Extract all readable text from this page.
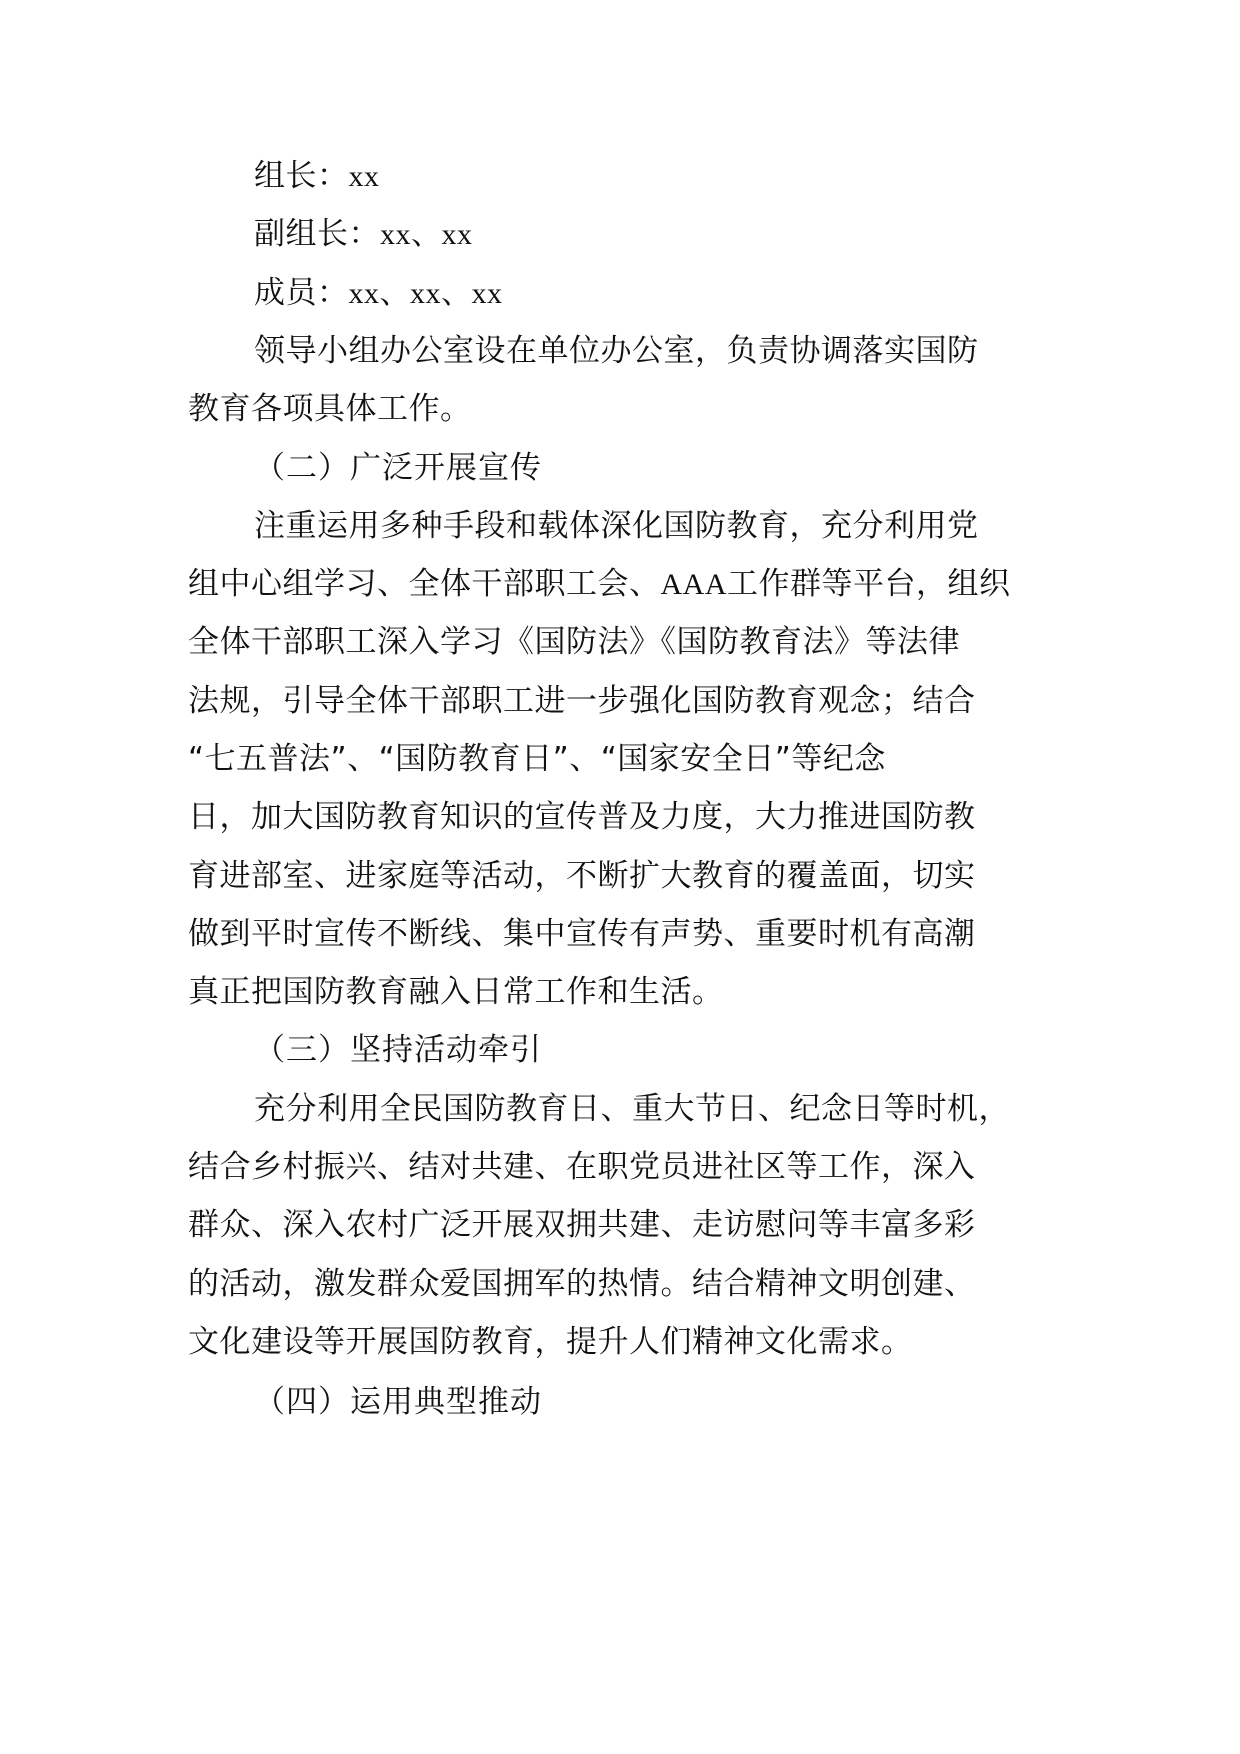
组长：xx
副组长：xx、xx
成员：xx、xx、xx
领导小组办公室设在单位办公室，负责协调落实国防
教育各项具体工作。
（二）广泛开展宣传
注重运用多种手段和载体深化国防教育，充分利用党
组中心组学习、全体干部职工会、AAA工作群等平台，组织
全体干部职工深入学习《国防法》《国防教育法》等法律
法规，引导全体干部职工进一步强化国防教育观念；结合
“七五普法”、“国防教育日”、“国家安全日”等纪念
日，加大国防教育知识的宣传普及力度，大力推进国防教
育进部室、进家庭等活动，不断扩大教育的覆盖面，切实
做到平时宣传不断线、集中宣传有声势、重要时机有高潮
真正把国防教育融入日常工作和生活。
（三）坚持活动牵引
充分利用全民国防教育日、重大节日、纪念日等时机，
结合乡村振兴、结对共建、在职党员进社区等工作，深入
群众、深入农村广泛开展双拥共建、走访慰问等丰富多彩
的活动，激发群众爱国拥军的热情。结合精神文明创建、
文化建设等开展国防教育，提升人们精神文化需求。
（四）运用典型推动
